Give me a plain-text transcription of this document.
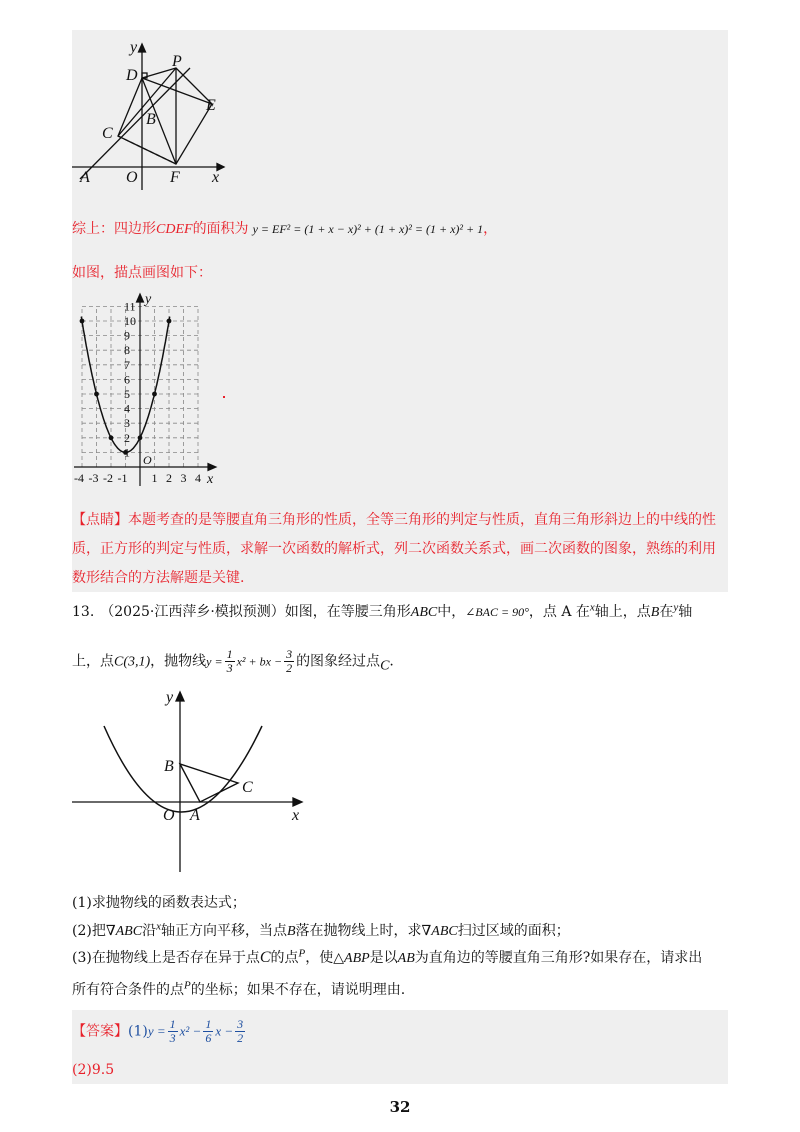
y
D
P
E
B
C
A O F x
综上：四边形CDEF的面积为 y = EF² = (1 + x − x)² + (1 + x)² = (1 + x)² + 1，
如图，描点画图如下：
11
10
9
8
7
6
5
4
3
2
1
-4 -3 -2 -1 1 2 3 4
y
x
O
【点睛】本题考查的是等腰直角三角形的性质，全等三角形的判定与性质，直角三角形斜边上的中线的性质，正方形的判定与性质，求解一次函数的解析式，列二次函数关系式，画二次函数的图象，熟练的利用数形结合的方法解题是关键.
13. （2025·江西萍乡·模拟预测）如图，在等腰三角形ABC中，∠BAC = 90°，点 A 在$^x$轴上，点B在$^y$轴
上，点C(3,1)，抛物线$y = \frac{1}{3} x^2$ + bx − $\frac{3}{2}$ 的图象经过点C.
y
B
C
O A	x
(1)求抛物线的函数表达式；
(2)把∇ABC沿$^x$轴正方向平移，当点B落在抛物线上时，求∇ABC扫过区域的面积；
(3)在抛物线上是否存在异于点C的点$^P$，使△ABP是以AB为直角边的等腰直角三角形?如果存在，请求出
所有符合条件的点$^P$的坐标；如果不存在，请说明理由.
【答案】$(1)y = \frac{1}{3} x^2 - \frac{1}{6}$ $x - \frac{3}{2}$
(2)9.5
32
